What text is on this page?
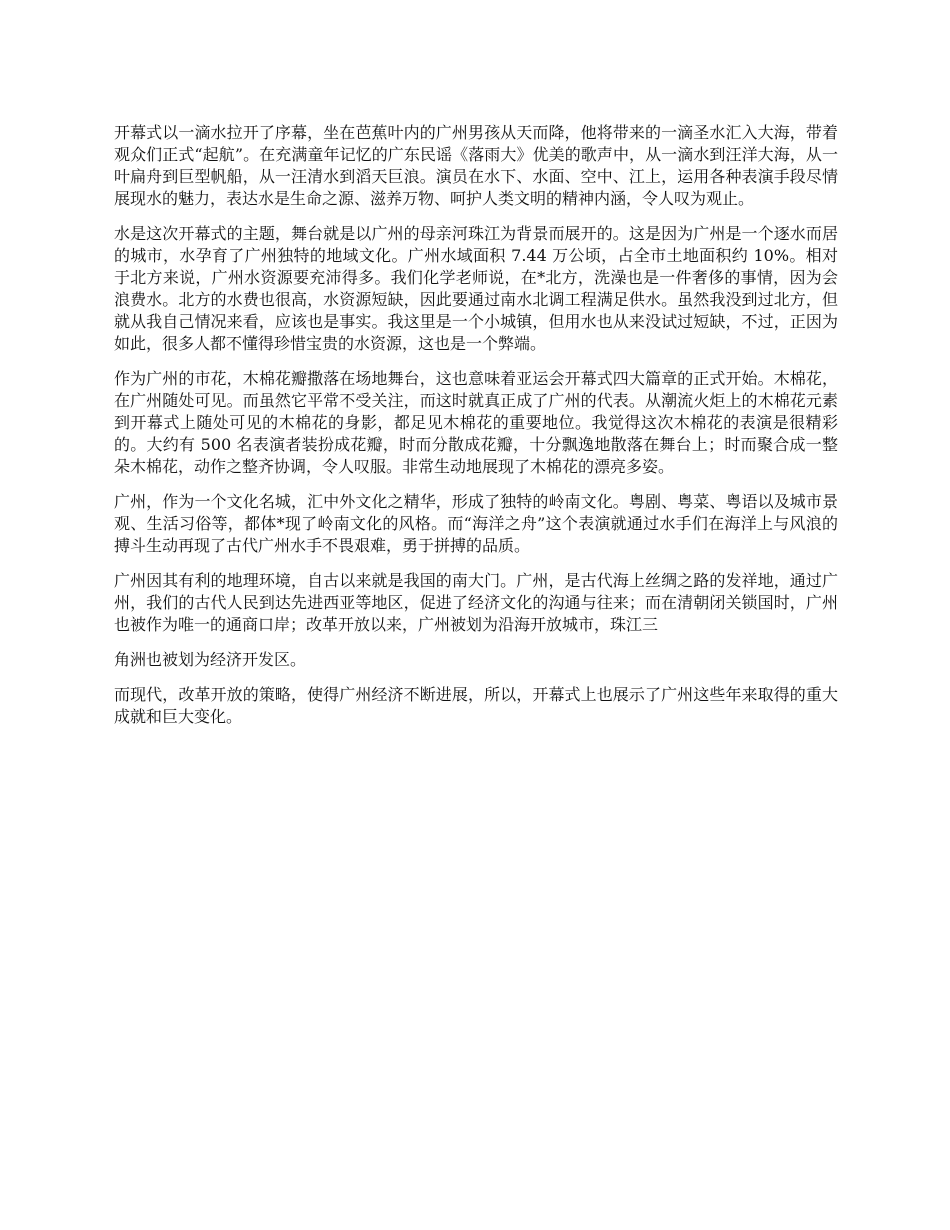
开幕式以一滴水拉开了序幕，坐在芭蕉叶内的广州男孩从天而降，他将带来的一滴圣水汇入大海，带着观众们正式“起航”。在充满童年记忆的广东民谣《落雨大》优美的歌声中，从一滴水到汪洋大海，从一叶扁舟到巨型帆船，从一汪清水到滔天巨浪。演员在水下、水面、空中、江上，运用各种表演手段尽情展现水的魅力，表达水是生命之源、滋养万物、呵护人类文明的精神内涵，令人叹为观止。

水是这次开幕式的主题，舞台就是以广州的母亲河珠江为背景而展开的。这是因为广州是一个逐水而居的城市，水孕育了广州独特的地域文化。广州水域面积 7.44 万公顷，占全市土地面积约 10%。相对于北方来说，广州水资源要充沛得多。我们化学老师说，在*北方，洗澡也是一件奢侈的事情，因为会浪费水。北方的水费也很高，水资源短缺，因此要通过南水北调工程满足供水。虽然我没到过北方，但就从我自己情况来看，应该也是事实。我这里是一个小城镇，但用水也从来没试过短缺，不过，正因为如此，很多人都不懂得珍惜宝贵的水资源，这也是一个弊端。

作为广州的市花，木棉花瓣撒落在场地舞台，这也意味着亚运会开幕式四大篇章的正式开始。木棉花，在广州随处可见。而虽然它平常不受关注，而这时就真正成了广州的代表。从潮流火炬上的木棉花元素到开幕式上随处可见的木棉花的身影，都足见木棉花的重要地位。我觉得这次木棉花的表演是很精彩的。大约有 500 名表演者装扮成花瓣，时而分散成花瓣，十分飘逸地散落在舞台上；时而聚合成一整朵木棉花，动作之整齐协调，令人叹服。非常生动地展现了木棉花的漂亮多姿。

广州，作为一个文化名城，汇中外文化之精华，形成了独特的岭南文化。粤剧、粤菜、粤语以及城市景观、生活习俗等，都体*现了岭南文化的风格。而“海洋之舟”这个表演就通过水手们在海洋上与风浪的搏斗生动再现了古代广州水手不畏艰难，勇于拼搏的品质。

广州因其有利的地理环境，自古以来就是我国的南大门。广州，是古代海上丝绸之路的发祥地，通过广州，我们的古代人民到达先进西亚等地区，促进了经济文化的沟通与往来；而在清朝闭关锁国时，广州也被作为唯一的通商口岸；改革开放以来，广州被划为沿海开放城市，珠江三

角洲也被划为经济开发区。

而现代，改革开放的策略，使得广州经济不断进展，所以，开幕式上也展示了广州这些年来取得的重大成就和巨大变化。
